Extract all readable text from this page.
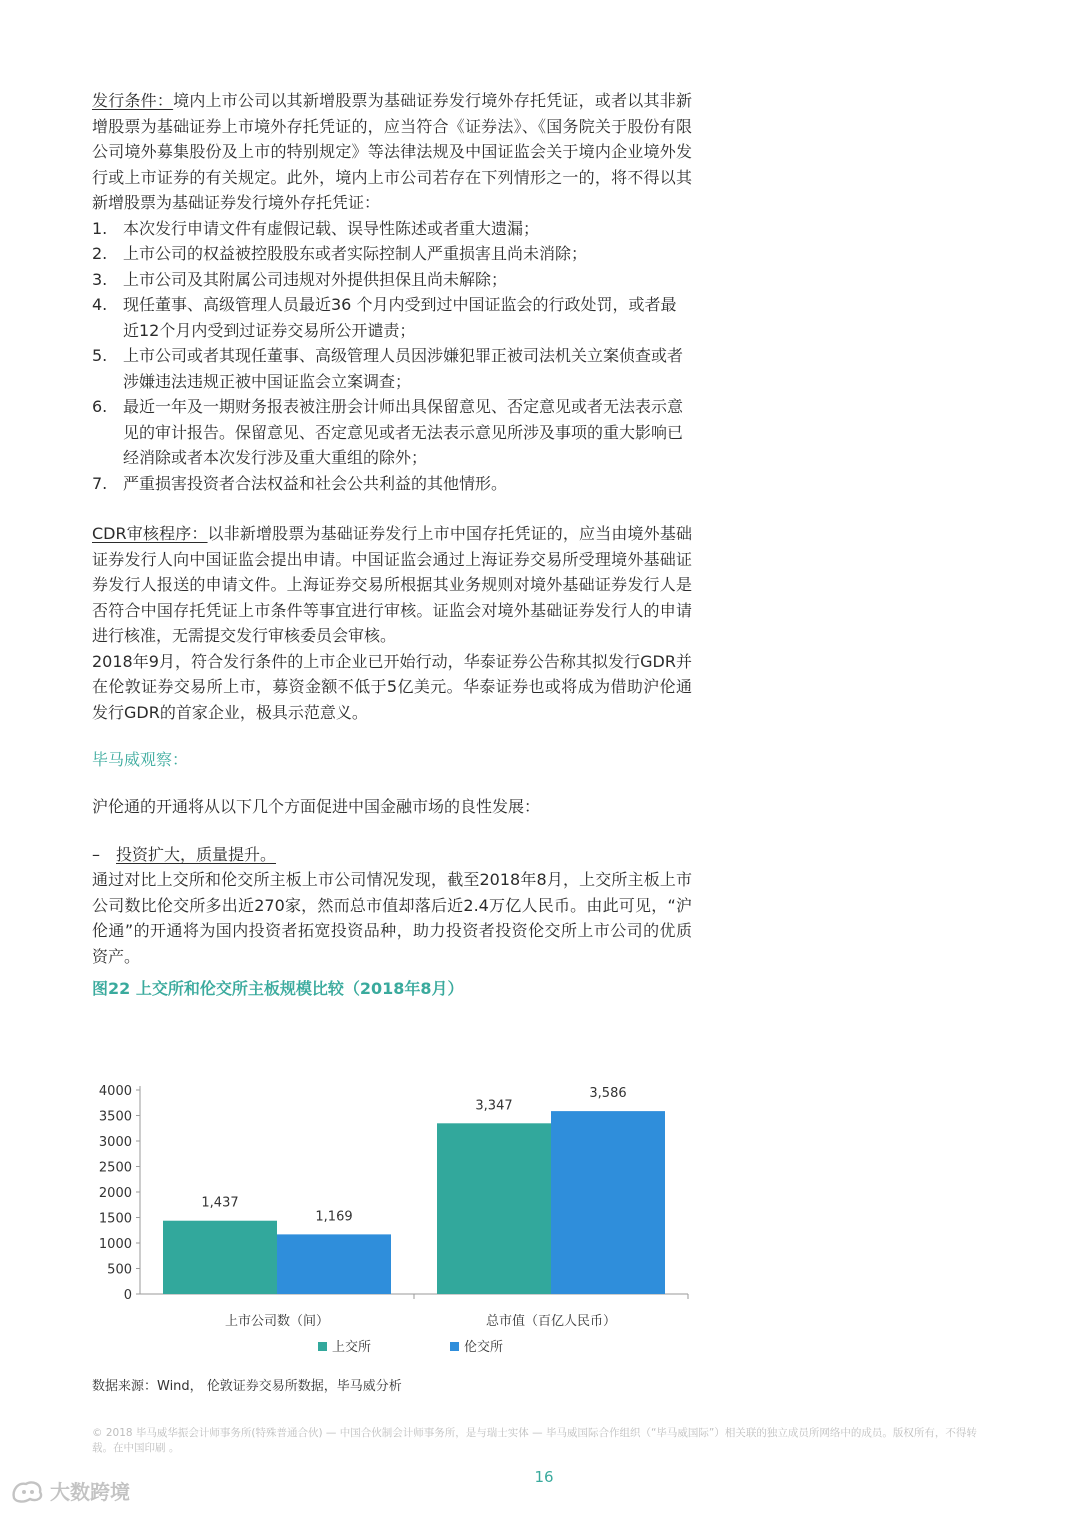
发行条件：境内上市公司以其新增股票为基础证券发行境外存托凭证，或者以其非新增股票为基础证券上市境外存托凭证的，应当符合《证券法》、《国务院关于股份有限公司境外募集股份及上市的特别规定》等法律法规及中国证监会关于境内企业境外发行或上市证券的有关规定。此外，境内上市公司若存在下列情形之一的，将不得以其新增股票为基础证券发行境外存托凭证：

1. 本次发行申请文件有虚假记载、误导性陈述或者重大遗漏；
2. 上市公司的权益被控股股东或者实际控制人严重损害且尚未消除；
3. 上市公司及其附属公司违规对外提供担保且尚未解除；
4. 现任董事、高级管理人员最近36 个月内受到过中国证监会的行政处罚，或者最近12个月内受到过证券交易所公开谴责；
5. 上市公司或者其现任董事、高级管理人员因涉嫌犯罪正被司法机关立案侦查或者涉嫌违法违规正被中国证监会立案调查；
6. 最近一年及一期财务报表被注册会计师出具保留意见、否定意见或者无法表示意见的审计报告。保留意见、否定意见或者无法表示意见所涉及事项的重大影响已经消除或者本次发行涉及重大重组的除外；
7. 严重损害投资者合法权益和社会公共利益的其他情形。

CDR审核程序：以非新增股票为基础证券发行上市中国存托凭证的，应当由境外基础证券发行人向中国证监会提出申请。中国证监会通过上海证券交易所受理境外基础证券发行人报送的申请文件。上海证券交易所根据其业务规则对境外基础证券发行人是否符合中国存托凭证上市条件等事宜进行审核。证监会对境外基础证券发行人的申请进行核准，无需提交发行审核委员会审核。

2018年9月，符合发行条件的上市企业已开始行动，华泰证券公告称其拟发行GDR并在伦敦证券交易所上市，募资金额不低于5亿美元。华泰证券也或将成为借助沪伦通发行GDR的首家企业，极具示范意义。

毕马威观察：

沪伦通的开通将从以下几个方面促进中国金融市场的良性发展：

– 投资扩大，质量提升。

通过对比上交所和伦交所主板上市公司情况发现，截至2018年8月，上交所主板上市公司数比伦交所多出近270家，然而总市值却落后近2.4万亿人民币。由此可见，“沪伦通”的开通将为国内投资者拓宽投资品种，助力投资者投资伦交所上市公司的优质资产。

图22 上交所和伦交所主板规模比较（2018年8月）

0
500
1000
1500
2000
2500
3000
3500
4000
1,437
1,169
上市公司数（间）
3,347
3,586
总市值（百亿人民币）
上交所	伦交所
数据来源：Wind， 伦敦证券交易所数据，毕马威分析
© 2018 毕马威华振会计师事务所(特殊普通合伙) — 中国合伙制会计师事务所，是与瑞士实体 — 毕马威国际合作组织（“毕马威国际”）相关联的独立成员所网络中的成员。版权所有，不得转载。在中国印刷 。
16
大数跨境
